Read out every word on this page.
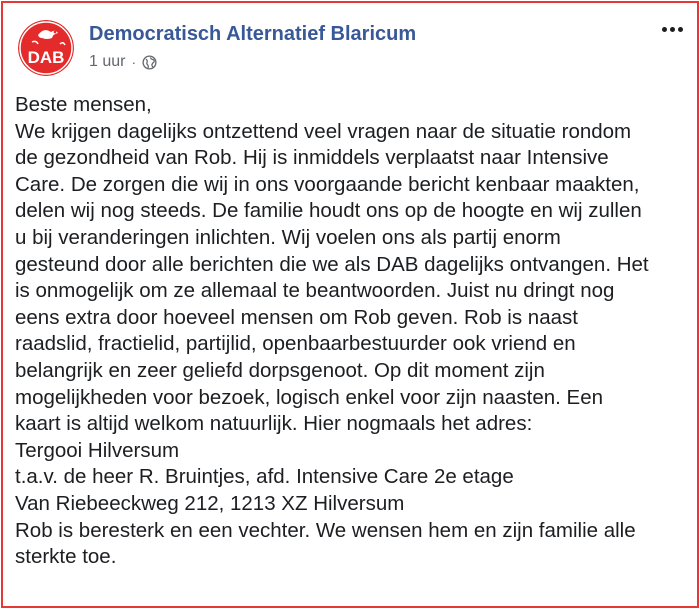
DAB
Democratisch Alternatief Blaricum
1 uur ·
Beste mensen,
We krijgen dagelijks ontzettend veel vragen naar de situatie rondom
de gezondheid van Rob. Hij is inmiddels verplaatst naar Intensive
Care. De zorgen die wij in ons voorgaande bericht kenbaar maakten,
delen wij nog steeds. De familie houdt ons op de hoogte en wij zullen
u bij veranderingen inlichten. Wij voelen ons als partij enorm
gesteund door alle berichten die we als DAB dagelijks ontvangen. Het
is onmogelijk om ze allemaal te beantwoorden. Juist nu dringt nog
eens extra door hoeveel mensen om Rob geven. Rob is naast
raadslid, fractielid, partijlid, openbaarbestuurder ook vriend en
belangrijk en zeer geliefd dorpsgenoot. Op dit moment zijn
mogelijkheden voor bezoek, logisch enkel voor zijn naasten. Een
kaart is altijd welkom natuurlijk. Hier nogmaals het adres:
Tergooi Hilversum
t.a.v. de heer R. Bruintjes, afd. Intensive Care 2e etage
Van Riebeeckweg 212, 1213 XZ Hilversum
Rob is beresterk en een vechter. We wensen hem en zijn familie alle
sterkte toe.
